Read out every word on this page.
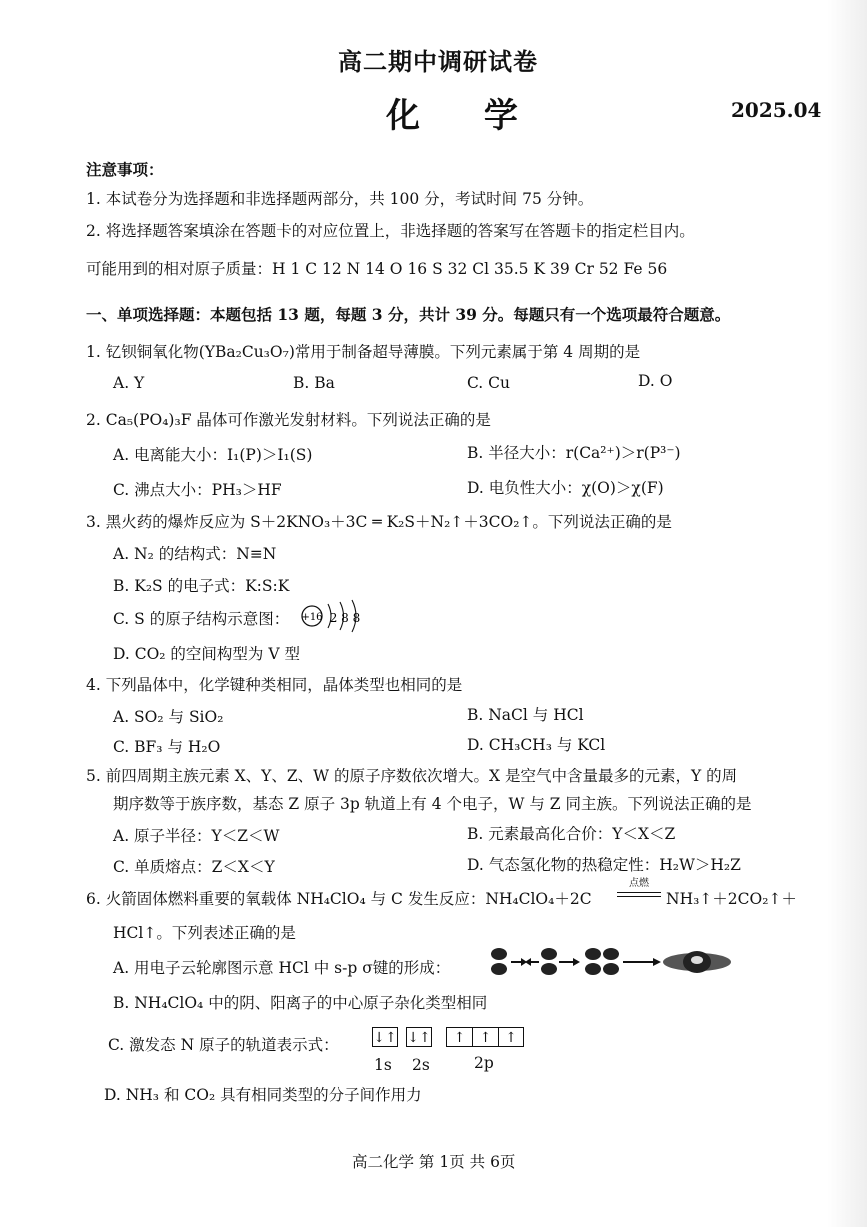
高二期中调研试卷
化 学	2025.04
注意事项：
1. 本试卷分为选择题和非选择题两部分，共 100 分，考试时间 75 分钟。
2. 将选择题答案填涂在答题卡的对应位置上，非选择题的答案写在答题卡的指定栏目内。
可能用到的相对原子质量：H 1 C 12 N 14 O 16 S 32 Cl 35.5 K 39 Cr 52 Fe 56
一、单项选择题：本题包括 13 题，每题 3 分，共计 39 分。每题只有一个选项最符合题意。
1. 钇钡铜氧化物(YBa₂Cu₃O₇)常用于制备超导薄膜。下列元素属于第 4 周期的是
A. Y	B. Ba	C. Cu	D. O
2. Ca₅(PO₄)₃F 晶体可作激光发射材料。下列说法正确的是
A. 电离能大小：I₁(P)＞I₁(S)	B. 半径大小：r(Ca²⁺)＞r(P³⁻)
C. 沸点大小：PH₃＞HF	D. 电负性大小：χ(O)＞χ(F)
3. 黑火药的爆炸反应为 S＋2KNO₃＋3C ═ K₂S＋N₂↑＋3CO₂↑。下列说法正确的是
A. N₂ 的结构式：N≡N
B. K₂S 的电子式：K:S:K
C. S 的原子结构示意图： +16 2 8 8
D. CO₂ 的空间构型为 V 型
4. 下列晶体中，化学键种类相同，晶体类型也相同的是
A. SO₂ 与 SiO₂	B. NaCl 与 HCl
C. BF₃ 与 H₂O	D. CH₃CH₃ 与 KCl
5. 前四周期主族元素 X、Y、Z、W 的原子序数依次增大。X 是空气中含量最多的元素，Y 的周
期序数等于族序数，基态 Z 原子 3p 轨道上有 4 个电子，W 与 Z 同主族。下列说法正确的是
A. 原子半径：Y＜Z＜W	B. 元素最高化合价：Y＜X＜Z
C. 单质熔点：Z＜X＜Y	D. 气态氢化物的热稳定性：H₂W＞H₂Z
6. 火箭固体燃料重要的氧载体 NH₄ClO₄ 与 C 发生反应：NH₄ClO₄＋2C
点燃
NH₃↑＋2CO₂↑＋
HCl↑。下列表述正确的是
A. 用电子云轮廓图示意 HCl 中 s-p σ键的形成：
B. NH₄ClO₄ 中的阴、阳离子的中心原子杂化类型相同
C. 激发态 N 原子的轨道表示式： ↓↑ ↓↑	↑	↑ ↑
1s 2s	2p
D. NH₃ 和 CO₂ 具有相同类型的分子间作用力
高二化学 第 1页 共 6页
